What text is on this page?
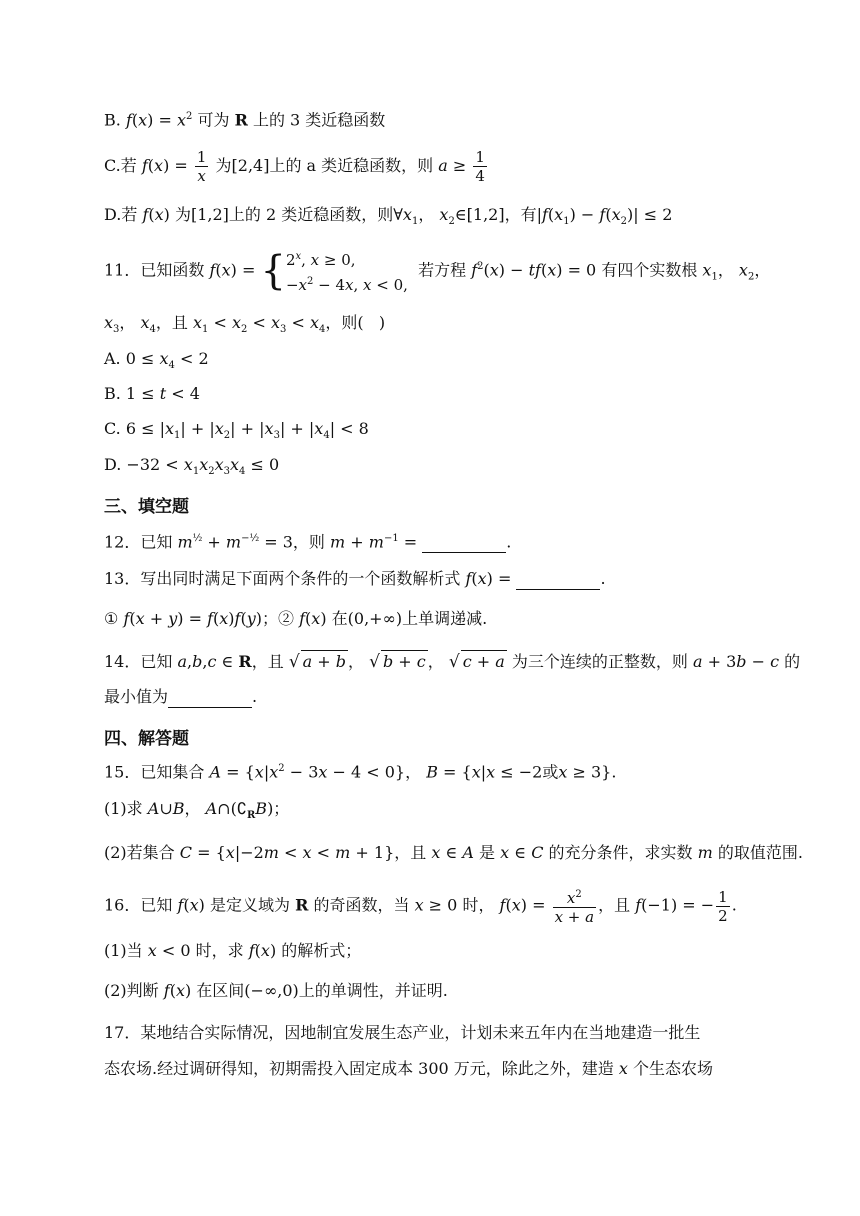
B. $f(x) = x^2$ 可为 R 上的 3 类近稳函数
C.若 $f(x) = \frac{1}{x}$ 为[2,4]上的 a 类近稳函数，则 $a \ge \frac{1}{4}$
D.若 f(x) 为[1,2]上的 2 类近稳函数，则$\forall x_1$， $x_2\in[1,2]$，有$|f(x_1) - f(x_2)| \le 2$
11．已知函数 $f(x) = \{2^x$, x ≥ 0,
$-x^2 - 4x$, x < 0,  若方程 $f^2(x) - tf(x) = 0$ 有四个实数根 $x_1$， $x_2$，
$x_3$， $x_4$，且 $x_1 < x_2 < x_3 < x_4$，则(   )
A. $0 \le x_4 < 2$
B. 1 ≤ t < 4
C. $6 \le |x_1| + |x_2| + |x_3| + |x_4| < 8$
D. $-32 < x_1x_2x_3x_4 \le 0$
三、填空题
12．已知 $m^{\frac{1}{2}} + m^{-\frac{1}{2}} = 3$，则 $m + m^{-1}$ =	.
13．写出同时满足下面两个条件的一个函数解析式 f(x) =	.
① f(x + y) = f(x)f(y)；② f(x) 在(0,+∞)上单调递减.
14．已知 a,b,c ∈ R，且 √ a + b ， √ b + c ， √ c + a 为三个连续的正整数，则 a + 3b − c 的
最小值为	.
四、解答题
15．已知集合 $A = \{x|x^2 - 3x - 4 < 0\}$， B = {x|x ≤ −2或x ≥ 3}.
(1)求 A∪B， $A\cap(∁_RB)$；
(2)若集合 C = {x|−2m < x < m + 1}，且 x ∈ A 是 x ∈ C 的充分条件，求实数 m 的取值范围.
16．已知 f(x) 是定义域为 R 的奇函数，当 x ≥ 0 时， $f(x) = \frac{x^2}{x + a}$ ，且 f(−1) = − $\frac{1}{2}$ .
(1)当 x < 0 时，求 f(x) 的解析式；
(2)判断 f(x) 在区间(−∞,0)上的单调性，并证明.
17．某地结合实际情况，因地制宜发展生态产业，计划未来五年内在当地建造一批生
态农场.经过调研得知，初期需投入固定成本 300 万元，除此之外，建造 x 个生态农场
